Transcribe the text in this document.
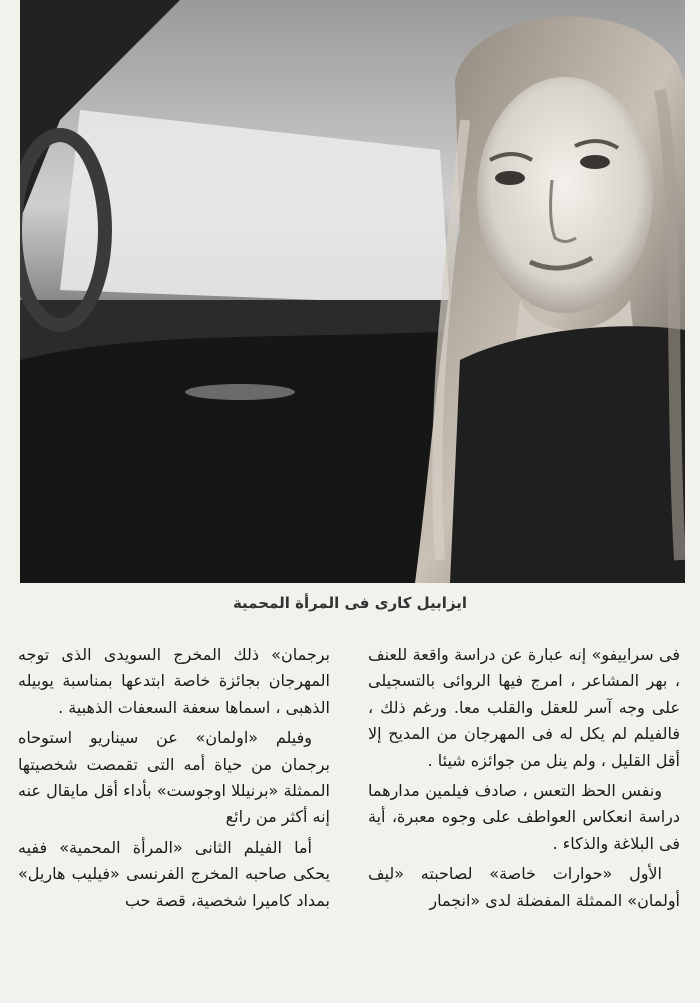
ايزابيل كارى فى المرأة المحمية

فى سراييفو» إنه عبارة عن دراسة واقعة للعنف ، بهر المشاعر ، امرج فيها الروائى بالتسجيلى على وجه آسر للعقل والقلب معا. ورغم ذلك ، فالفيلم لم يكل له فى المهرجان من المديح إلا أقل القليل ، ولم ينل من جوائزه شيئا .

ونفس الحظ التعس ، صادف فيلمين مدارهما دراسة انعكاس العواطف على وجوه معبرة، أية فى البلاغة والذكاء .

الأول «حوارات خاصة» لصاحبته «ليف أولمان» الممثلة المفضلة لدى «انجمار

برجمان» ذلك المخرج السويدى الذى توجه المهرجان بجائزة خاصة ابتدعها بمناسبة يوبيله الذهبى ، اسماها سعفة السعفات الذهبية .

وفيلم «اولمان» عن سيناريو استوحاه برجمان من حياة أمه التى تقمصت شخصيتها الممثلة «برنيللا اوجوست» بأداء أقل مايقال عنه إنه أكثر من رائع

أما الفيلم الثانى «المرأة المحمية» ففيه يحكى صاحبه المخرج الفرنسى «فيليب هاريل» بمداد كاميرا شخصية، قصة حب
